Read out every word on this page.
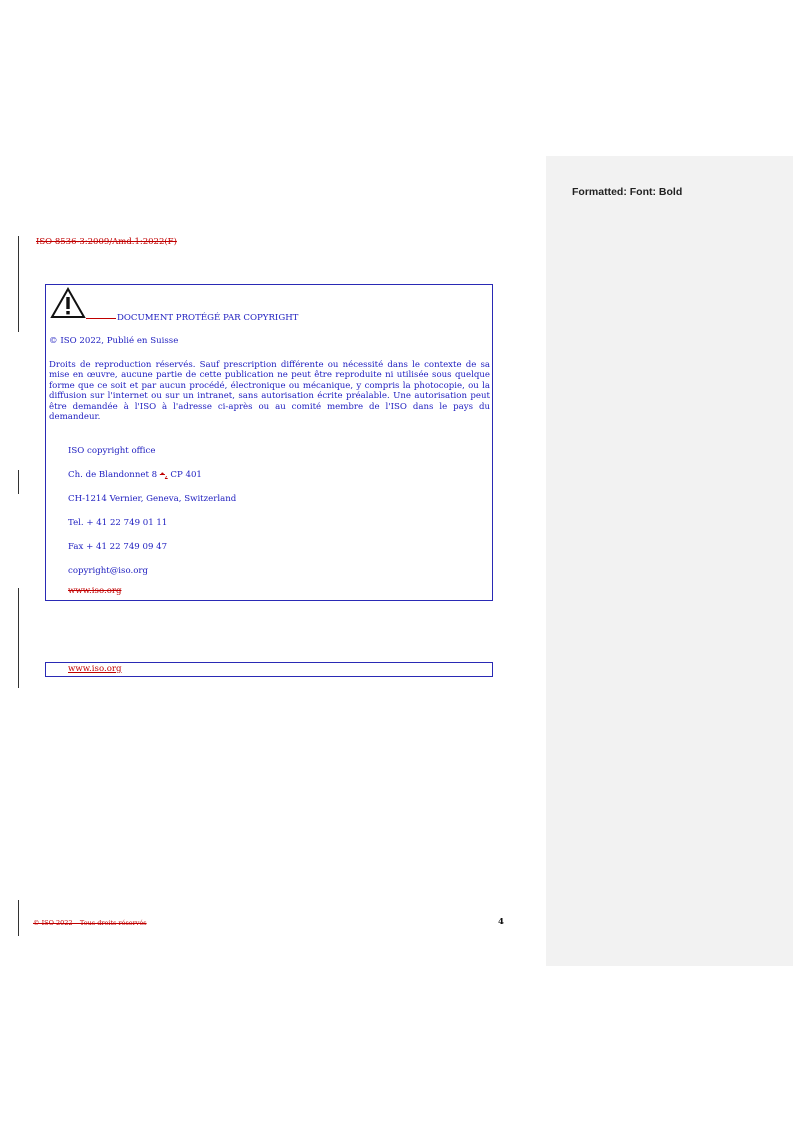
Formatted: Font: Bold
ISO 8536-3:2009/Amd.1:2022(F)
DOCUMENT PROTÉGÉ PAR COPYRIGHT
© ISO 2022, Publié en Suisse
Droits de reproduction réservés. Sauf prescription différente ou nécessité dans le contexte de sa mise en œuvre, aucune partie de cette publication ne peut être reproduite ni utilisée sous quelque forme que ce soit et par aucun procédé, électronique ou mécanique, y compris la photocopie, ou la diffusion sur l'internet ou sur un intranet, sans autorisation écrite préalable. Une autorisation peut être demandée à l'ISO à l'adresse ci-après ou au comité membre de l'ISO dans le pays du demandeur.
ISO copyright office
Ch. de Blandonnet 8 •, CP 401
CH-1214 Vernier, Geneva, Switzerland
Tel. + 41 22 749 01 11
Fax + 41 22 749 09 47
copyright@iso.org
www.iso.org
www.iso.org
© ISO 2022 – Tous droits réservés	4
